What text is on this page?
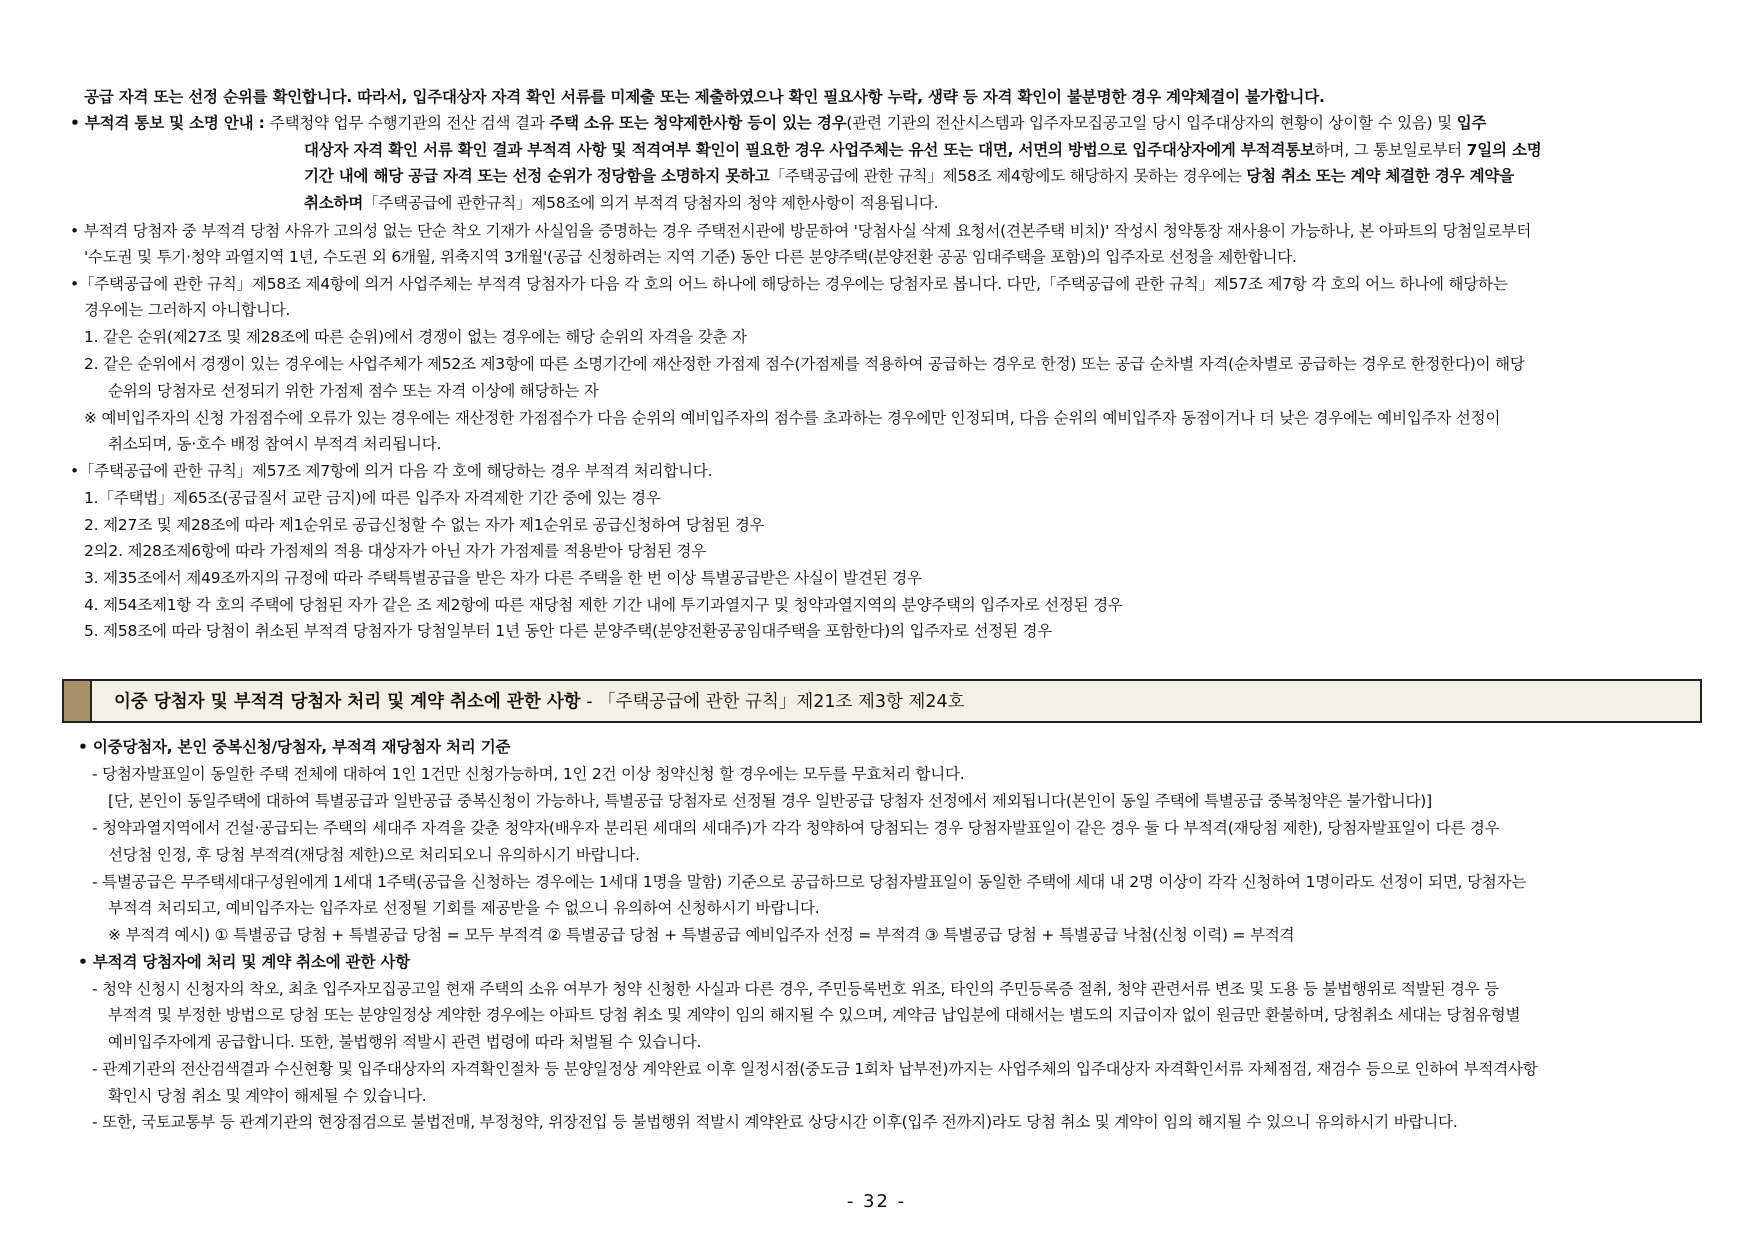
공급 자격 또는 선정 순위를 확인합니다. 따라서, 입주대상자 자격 확인 서류를 미제출 또는 제출하였으나 확인 필요사항 누락, 생략 등 자격 확인이 불분명한 경우 계약체결이 불가합니다.
• 부적격 통보 및 소명 안내 : 주택청약 업무 수행기관의 전산 검색 결과 주택 소유 또는 청약제한사항 등이 있는 경우(관련 기관의 전산시스템과 입주자모집공고일 당시 입주대상자의 현황이 상이할 수 있음) 및 입주
대상자 자격 확인 서류 확인 결과 부적격 사항 및 적격여부 확인이 필요한 경우 사업주체는 유선 또는 대면, 서면의 방법으로 입주대상자에게 부적격통보하며, 그 통보일로부터 7일의 소명
기간 내에 해당 공급 자격 또는 선정 순위가 정당함을 소명하지 못하고「주택공급에 관한 규칙」제58조 제4항에도 해당하지 못하는 경우에는 당첨 취소 또는 계약 체결한 경우 계약을
취소하며「주택공급에 관한규칙」제58조에 의거 부적격 당첨자의 청약 제한사항이 적용됩니다.
• 부적격 당첨자 중 부적격 당첨 사유가 고의성 없는 단순 착오 기재가 사실임을 증명하는 경우 주택전시관에 방문하여 '당첨사실 삭제 요청서(견본주택 비치)' 작성시 청약통장 재사용이 가능하나, 본 아파트의 당첨일로부터
'수도권 및 투기·청약 과열지역 1년, 수도권 외 6개월, 위축지역 3개월'(공급 신청하려는 지역 기준) 동안 다른 분양주택(분양전환 공공 임대주택을 포함)의 입주자로 선정을 제한합니다.
•「주택공급에 관한 규칙」제58조 제4항에 의거 사업주체는 부적격 당첨자가 다음 각 호의 어느 하나에 해당하는 경우에는 당첨자로 봅니다. 다만,「주택공급에 관한 규칙」제57조 제7항 각 호의 어느 하나에 해당하는
경우에는 그러하지 아니합니다.
1. 같은 순위(제27조 및 제28조에 따른 순위)에서 경쟁이 없는 경우에는 해당 순위의 자격을 갖춘 자
2. 같은 순위에서 경쟁이 있는 경우에는 사업주체가 제52조 제3항에 따른 소명기간에 재산정한 가점제 점수(가점제를 적용하여 공급하는 경우로 한정) 또는 공급 순차별 자격(순차별로 공급하는 경우로 한정한다)이 해당
순위의 당첨자로 선정되기 위한 가점제 점수 또는 자격 이상에 해당하는 자
※ 예비입주자의 신청 가점점수에 오류가 있는 경우에는 재산정한 가점점수가 다음 순위의 예비입주자의 점수를 초과하는 경우에만 인정되며, 다음 순위의 예비입주자 동점이거나 더 낮은 경우에는 예비입주자 선정이
취소되며, 동·호수 배정 참여시 부적격 처리됩니다.
•「주택공급에 관한 규칙」제57조 제7항에 의거 다음 각 호에 해당하는 경우 부적격 처리합니다.
1.「주택법」제65조(공급질서 교란 금지)에 따른 입주자 자격제한 기간 중에 있는 경우
2. 제27조 및 제28조에 따라 제1순위로 공급신청할 수 없는 자가 제1순위로 공급신청하여 당첨된 경우
2의2. 제28조제6항에 따라 가점제의 적용 대상자가 아닌 자가 가점제를 적용받아 당첨된 경우
3. 제35조에서 제49조까지의 규정에 따라 주택특별공급을 받은 자가 다른 주택을 한 번 이상 특별공급받은 사실이 발견된 경우
4. 제54조제1항 각 호의 주택에 당첨된 자가 같은 조 제2항에 따른 재당첨 제한 기간 내에 투기과열지구 및 청약과열지역의 분양주택의 입주자로 선정된 경우
5. 제58조에 따라 당첨이 취소된 부적격 당첨자가 당첨일부터 1년 동안 다른 분양주택(분양전환공공임대주택을 포함한다)의 입주자로 선정된 경우
이중 당첨자 및 부적격 당첨자 처리 및 계약 취소에 관한 사항 - 「주택공급에 관한 규칙」제21조 제3항 제24호
• 이중당첨자, 본인 중복신청/당첨자, 부적격 재당첨자 처리 기준
- 당첨자발표일이 동일한 주택 전체에 대하여 1인 1건만 신청가능하며, 1인 2건 이상 청약신청 할 경우에는 모두를 무효처리 합니다.
[단, 본인이 동일주택에 대하여 특별공급과 일반공급 중복신청이 가능하나, 특별공급 당첨자로 선정될 경우 일반공급 당첨자 선정에서 제외됩니다(본인이 동일 주택에 특별공급 중복청약은 불가합니다)]
- 청약과열지역에서 건설·공급되는 주택의 세대주 자격을 갖춘 청약자(배우자 분리된 세대의 세대주)가 각각 청약하여 당첨되는 경우 당첨자발표일이 같은 경우 둘 다 부적격(재당첨 제한), 당첨자발표일이 다른 경우
선당첨 인정, 후 당첨 부적격(재당첨 제한)으로 처리되오니 유의하시기 바랍니다.
- 특별공급은 무주택세대구성원에게 1세대 1주택(공급을 신청하는 경우에는 1세대 1명을 말함) 기준으로 공급하므로 당첨자발표일이 동일한 주택에 세대 내 2명 이상이 각각 신청하여 1명이라도 선정이 되면, 당첨자는
부적격 처리되고, 예비입주자는 입주자로 선정될 기회를 제공받을 수 없으니 유의하여 신청하시기 바랍니다.
※ 부적격 예시) ① 특별공급 당첨 + 특별공급 당첨 = 모두 부적격 ② 특별공급 당첨 + 특별공급 예비입주자 선정 = 부적격 ③ 특별공급 당첨 + 특별공급 낙첨(신청 이력) = 부적격
• 부적격 당첨자에 처리 및 계약 취소에 관한 사항
- 청약 신청시 신청자의 착오, 최초 입주자모집공고일 현재 주택의 소유 여부가 청약 신청한 사실과 다른 경우, 주민등록번호 위조, 타인의 주민등록증 절취, 청약 관련서류 변조 및 도용 등 불법행위로 적발된 경우 등
부적격 및 부정한 방법으로 당첨 또는 분양일정상 계약한 경우에는 아파트 당첨 취소 및 계약이 임의 해지될 수 있으며, 계약금 납입분에 대해서는 별도의 지급이자 없이 원금만 환불하며, 당첨취소 세대는 당첨유형별
예비입주자에게 공급합니다. 또한, 불법행위 적발시 관련 법령에 따라 처벌될 수 있습니다.
- 관계기관의 전산검색결과 수신현황 및 입주대상자의 자격확인절차 등 분양일정상 계약완료 이후 일정시점(중도금 1회차 납부전)까지는 사업주체의 입주대상자 자격확인서류 자체점검, 재검수 등으로 인하여 부적격사항
확인시 당첨 취소 및 계약이 해제될 수 있습니다.
- 또한, 국토교통부 등 관계기관의 현장점검으로 불법전매, 부정청약, 위장전입 등 불법행위 적발시 계약완료 상당시간 이후(입주 전까지)라도 당첨 취소 및 계약이 임의 해지될 수 있으니 유의하시기 바랍니다.
- 32 -
